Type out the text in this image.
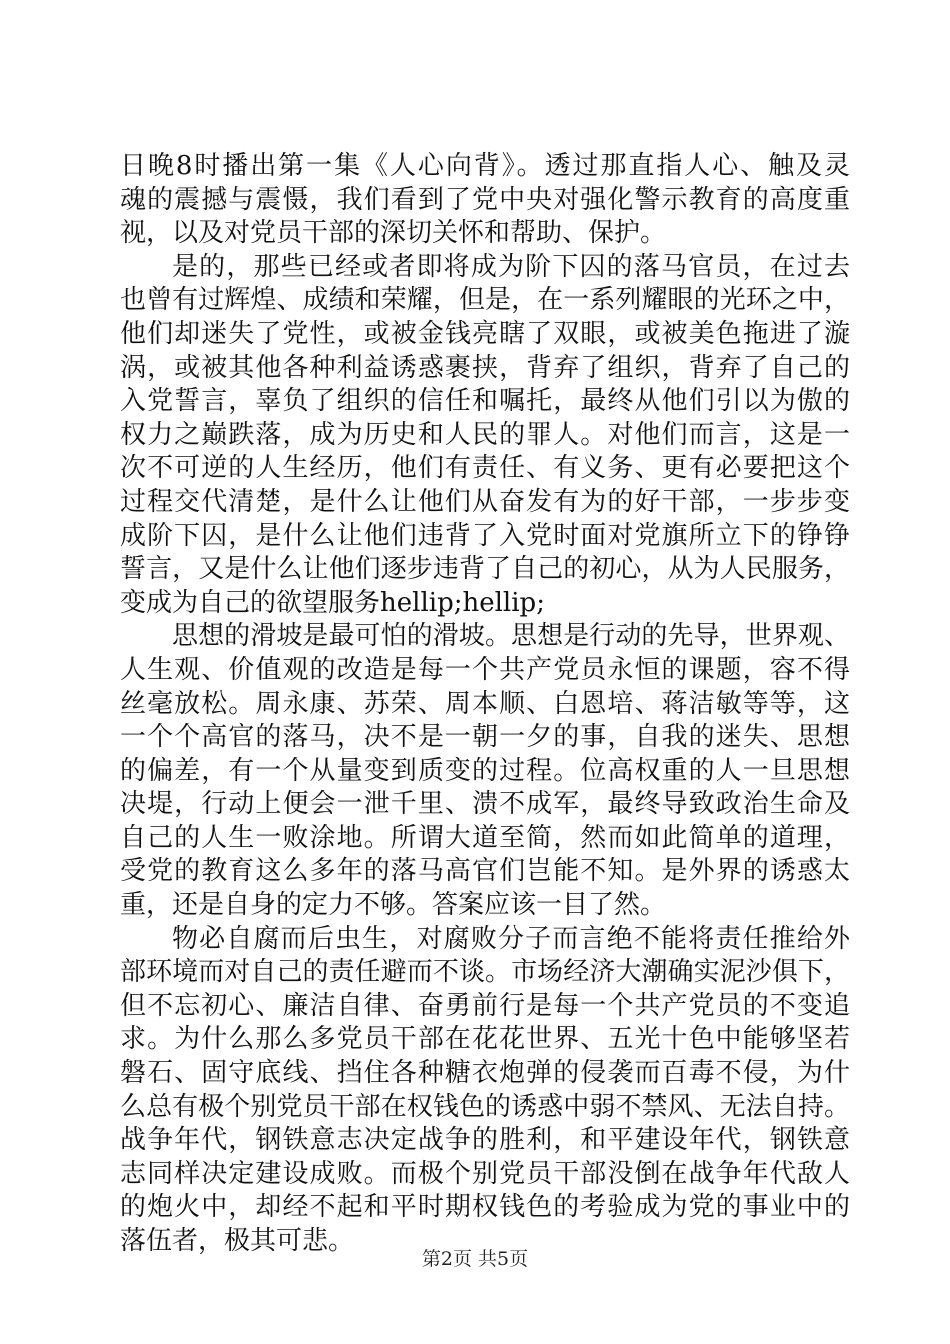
日晚8时播出第一集《人心向背》。透过那直指人心、触及灵
魂的震撼与震慑，我们看到了党中央对强化警示教育的高度重
视，以及对党员干部的深切关怀和帮助、保护。
是的，那些已经或者即将成为阶下囚的落马官员，在过去
也曾有过辉煌、成绩和荣耀，但是，在一系列耀眼的光环之中，
他们却迷失了党性，或被金钱亮瞎了双眼，或被美色拖进了漩
涡，或被其他各种利益诱惑裹挟，背弃了组织，背弃了自己的
入党誓言，辜负了组织的信任和嘱托，最终从他们引以为傲的
权力之巅跌落，成为历史和人民的罪人。对他们而言，这是一
次不可逆的人生经历，他们有责任、有义务、更有必要把这个
过程交代清楚，是什么让他们从奋发有为的好干部，一步步变
成阶下囚，是什么让他们违背了入党时面对党旗所立下的铮铮
誓言，又是什么让他们逐步违背了自己的初心，从为人民服务，
变成为自己的欲望服务hellip;hellip;
思想的滑坡是最可怕的滑坡。思想是行动的先导，世界观、
人生观、价值观的改造是每一个共产党员永恒的课题，容不得
丝毫放松。周永康、苏荣、周本顺、白恩培、蒋洁敏等等，这
一个个高官的落马，决不是一朝一夕的事，自我的迷失、思想
的偏差，有一个从量变到质变的过程。位高权重的人一旦思想
决堤，行动上便会一泄千里、溃不成军，最终导致政治生命及
自己的人生一败涂地。所谓大道至简，然而如此简单的道理，
受党的教育这么多年的落马高官们岂能不知。是外界的诱惑太
重，还是自身的定力不够。答案应该一目了然。
物必自腐而后虫生，对腐败分子而言绝不能将责任推给外
部环境而对自己的责任避而不谈。市场经济大潮确实泥沙俱下，
但不忘初心、廉洁自律、奋勇前行是每一个共产党员的不变追
求。为什么那么多党员干部在花花世界、五光十色中能够坚若
磐石、固守底线、挡住各种糖衣炮弹的侵袭而百毒不侵，为什
么总有极个别党员干部在权钱色的诱惑中弱不禁风、无法自持。
战争年代，钢铁意志决定战争的胜利，和平建设年代，钢铁意
志同样决定建设成败。而极个别党员干部没倒在战争年代敌人
的炮火中，却经不起和平时期权钱色的考验成为党的事业中的
落伍者，极其可悲。
第2页 共5页
